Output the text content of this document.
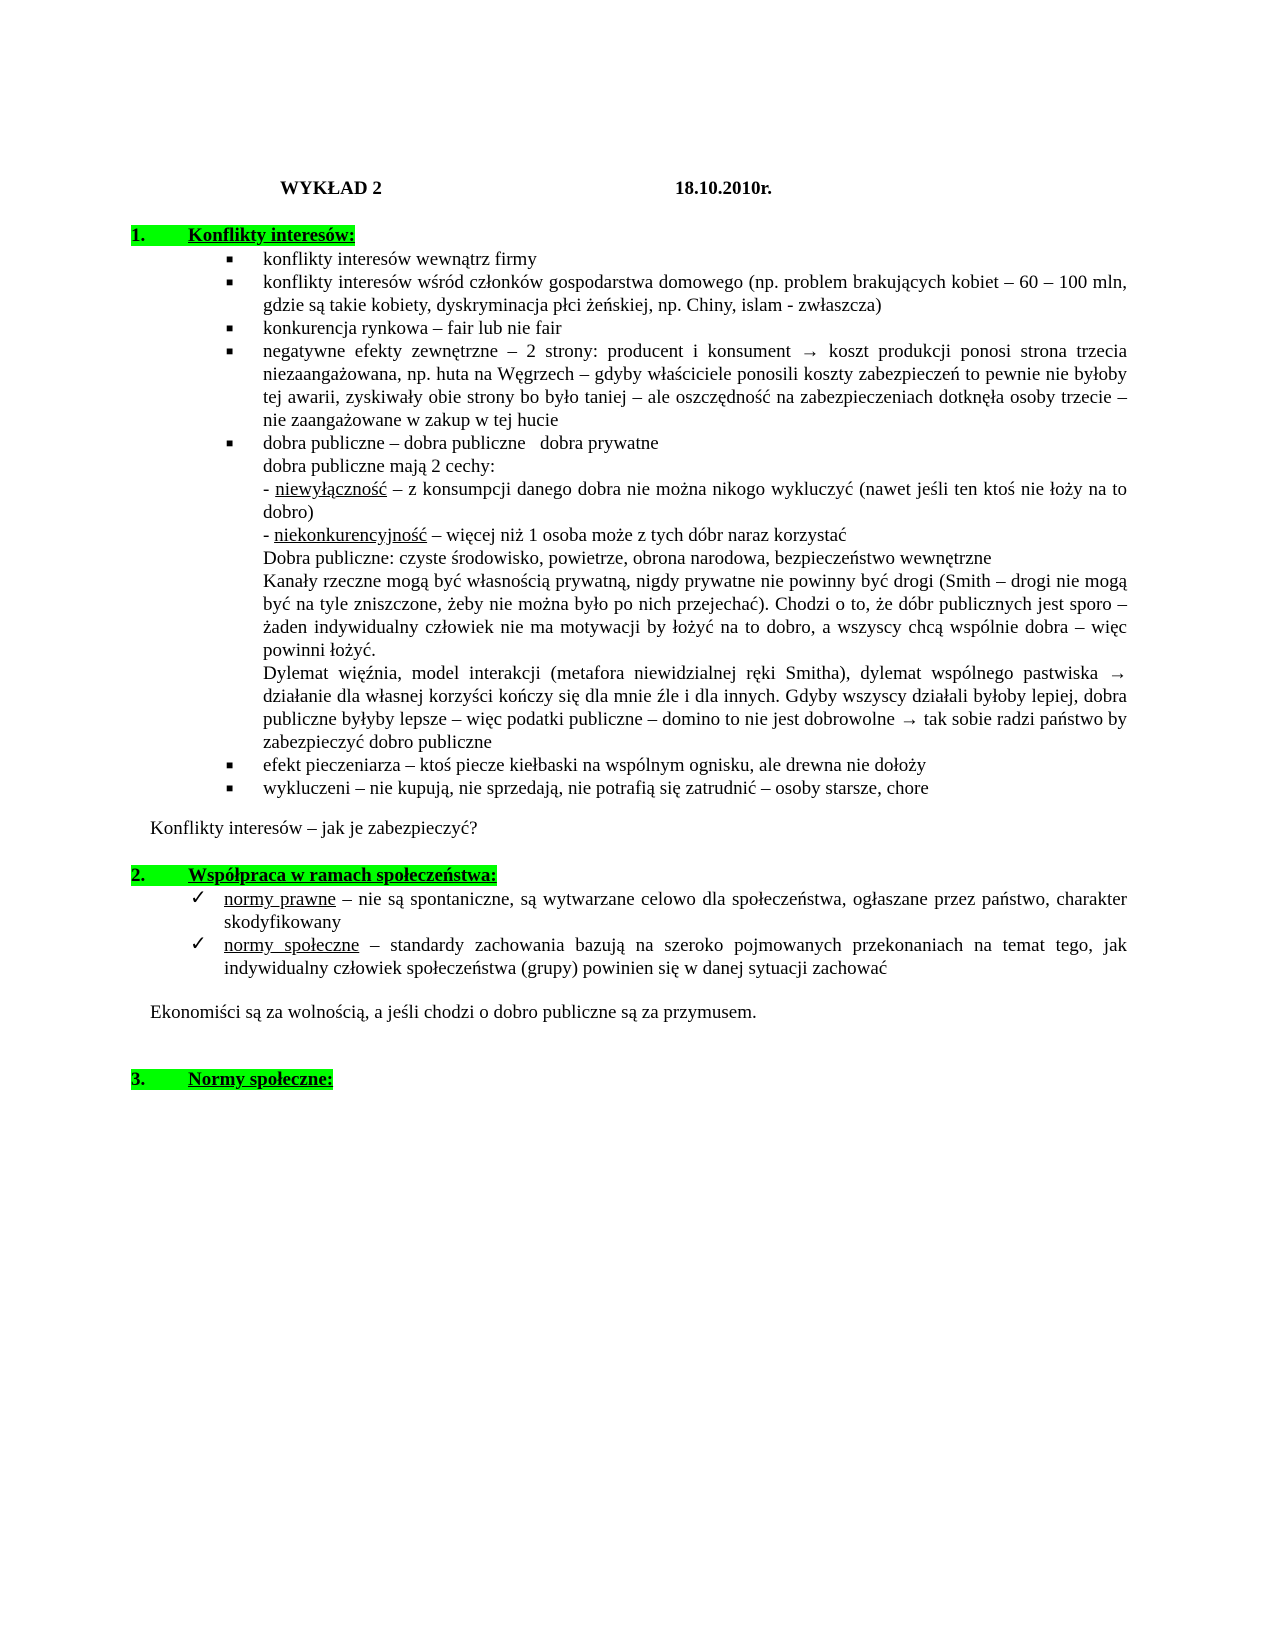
WYKŁAD 2	18.10.2010r.
1. Konflikty interesów:
■ konflikty interesów wewnątrz firmy
■ konflikty interesów wśród członków gospodarstwa domowego (np. problem brakujących kobiet – 60 – 100 mln, gdzie są takie kobiety, dyskryminacja płci żeńskiej, np. Chiny, islam - zwłaszcza)
■ konkurencja rynkowa – fair lub nie fair
■ negatywne efekty zewnętrzne – 2 strony: producent i konsument → koszt produkcji ponosi strona trzecia niezaangażowana, np. huta na Węgrzech – gdyby właściciele ponosili koszty zabezpieczeń to pewnie nie byłoby tej awarii, zyskiwały obie strony bo było taniej – ale oszczędność na zabezpieczeniach dotknęła osoby trzecie – nie zaangażowane w zakup w tej hucie
■ dobra publiczne – dobra publiczne   dobra prywatne
dobra publiczne mają 2 cechy:
- niewyłączność – z konsumpcji danego dobra nie można nikogo wykluczyć (nawet jeśli ten ktoś nie łoży na to dobro)
- niekonkurencyjność – więcej niż 1 osoba może z tych dóbr naraz korzystać
Dobra publiczne: czyste środowisko, powietrze, obrona narodowa, bezpieczeństwo wewnętrzne
Kanały rzeczne mogą być własnością prywatną, nigdy prywatne nie powinny być drogi (Smith – drogi nie mogą być na tyle zniszczone, żeby nie można było po nich przejechać). Chodzi o to, że dóbr publicznych jest sporo – żaden indywidualny człowiek nie ma motywacji by łożyć na to dobro, a wszyscy chcą wspólnie dobra – więc powinni łożyć.
Dylemat więźnia, model interakcji (metafora niewidzialnej ręki Smitha), dylemat wspólnego pastwiska → działanie dla własnej korzyści kończy się dla mnie źle i dla innych. Gdyby wszyscy działali byłoby lepiej, dobra publiczne byłyby lepsze – więc podatki publiczne – domino to nie jest dobrowolne → tak sobie radzi państwo by zabezpieczyć dobro publiczne
■ efekt pieczeniarza – ktoś piecze kiełbaski na wspólnym ognisku, ale drewna nie dołoży
■ wykluczeni – nie kupują, nie sprzedają, nie potrafią się zatrudnić – osoby starsze, chore
Konflikty interesów – jak je zabezpieczyć?
2. Współpraca w ramach społeczeństwa:
✓ normy prawne – nie są spontaniczne, są wytwarzane celowo dla społeczeństwa, ogłaszane przez państwo, charakter skodyfikowany
✓ normy społeczne – standardy zachowania bazują na szeroko pojmowanych przekonaniach na temat tego, jak indywidualny człowiek społeczeństwa (grupy) powinien się w danej sytuacji zachować
Ekonomiści są za wolnością, a jeśli chodzi o dobro publiczne są za przymusem.
3. Normy społeczne:
